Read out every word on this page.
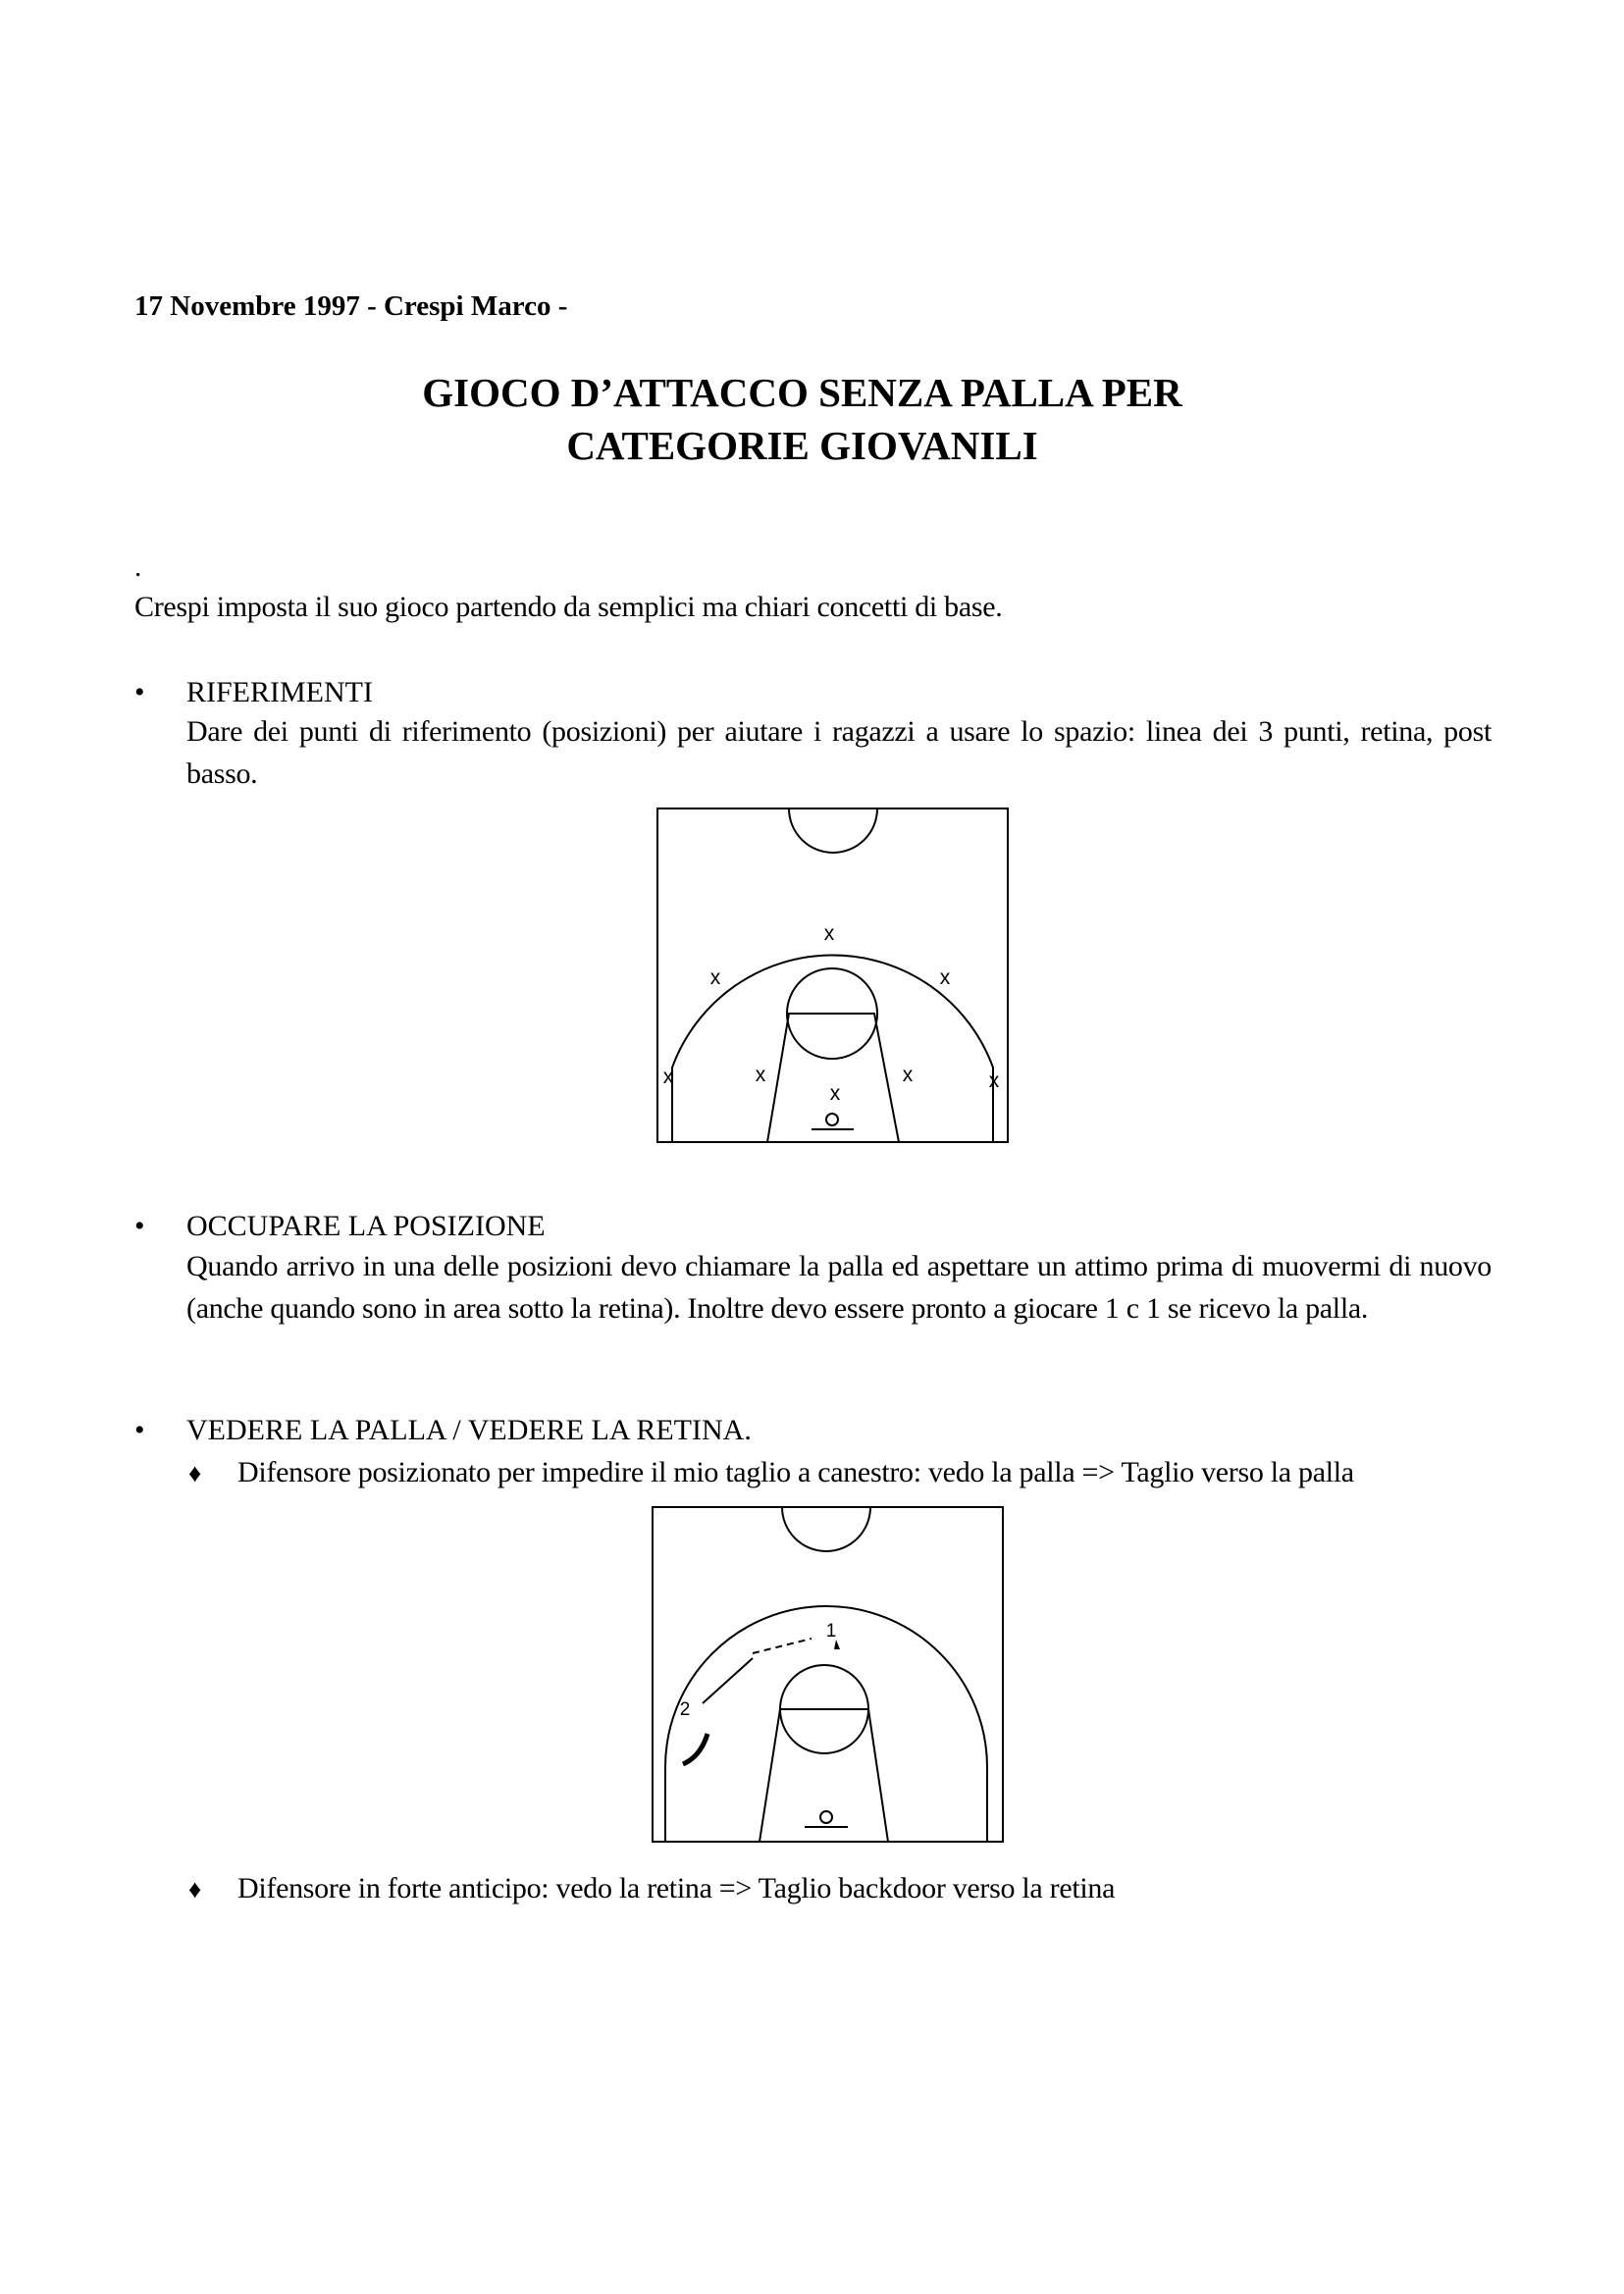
17 Novembre 1997 - Crespi Marco -
GIOCO D’ATTACCO SENZA PALLA PER
CATEGORIE GIOVANILI
.
Crespi imposta il suo gioco partendo da semplici ma chiari concetti di base.
• RIFERIMENTI
Dare dei punti di riferimento (posizioni) per aiutare i ragazzi a usare lo spazio: linea dei 3 punti, retina, post basso.
x
x	x
x	x	x	x
x
• OCCUPARE LA POSIZIONE
Quando arrivo in una delle posizioni devo chiamare la palla ed aspettare un attimo prima di muovermi di nuovo (anche quando sono in area sotto la retina). Inoltre devo essere pronto a giocare 1 c 1 se ricevo la palla.
• VEDERE LA PALLA / VEDERE LA RETINA.
♦ Difensore posizionato per impedire il mio taglio a canestro: vedo la palla => Taglio verso la palla
1
2
♦ Difensore in forte anticipo: vedo la retina => Taglio backdoor verso la retina
